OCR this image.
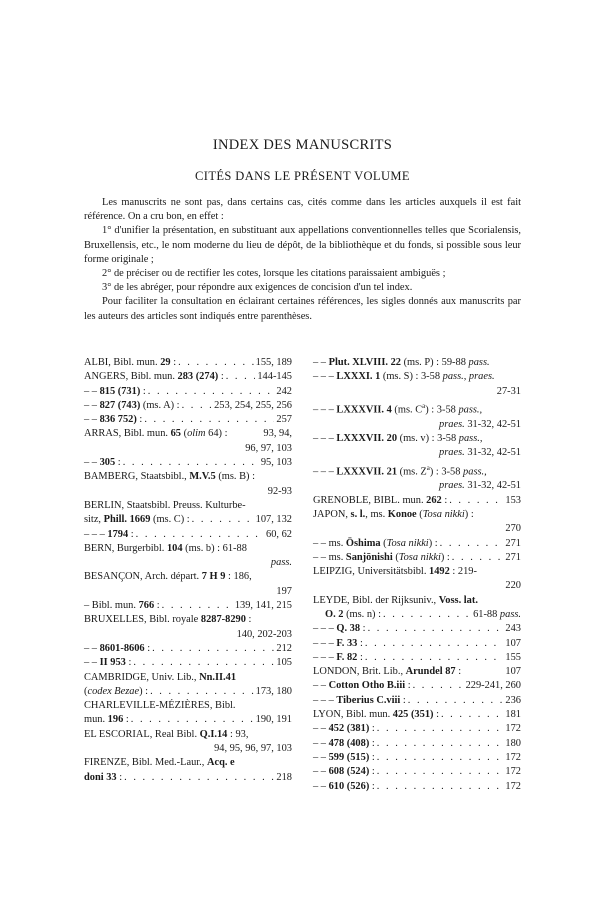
INDEX DES MANUSCRITS
CITÉS DANS LE PRÉSENT VOLUME

Les manuscrits ne sont pas, dans certains cas, cités comme dans les articles auxquels il est fait référence. On a cru bon, en effet :

1° d'unifier la présentation, en substituant aux appellations conventionnelles telles que Scorialensis, Bruxellensis, etc., le nom moderne du lieu de dépôt, de la bibliothèque et du fonds, si possible sous leur forme originale ;

2° de préciser ou de rectifier les cotes, lorsque les citations paraissaient ambiguës ;

3° de les abréger, pour répondre aux exigences de concision d'un tel index.

Pour faciliter la consultation en éclairant certaines références, les sigles donnés aux manuscrits par les auteurs des articles sont indiqués entre parenthèses.

ALBI, Bibl. mun. 29 : . . .	155, 189
ANGERS, Bibl. mun. 283 (274) : . . .	144-145
– – 815 (731) : . . .	242
– – 827 (743) (ms. A) : . . .	253, 254, 255, 256
– – 836 752) : . . .	257
ARRAS, Bibl. mun. 65 (olim 64) :	93, 94,
96, 97, 103
– – 305 : . . .	95, 103
BAMBERG, Staatsbibl., M.V.5 (ms. B) :
92-93
BERLIN, Staatsbibl. Preuss. Kulturbe-
sitz, Phill. 1669 (ms. C) : . . .	107, 132
– – – 1794 : . . .	60, 62
BERN, Burgerbibl. 104 (ms. b) : 61-88
pass.
BESANÇON, Arch. départ. 7 H 9 : 186,
197
– Bibl. mun. 766 : . . .	139, 141, 215
BRUXELLES, Bibl. royale 8287-8290 :
140, 202-203
– – 8601-8606 : . . .	212
– – II 953 : . . .	105
CAMBRIDGE, Univ. Lib., Nn.II.41
(codex Bezae) : . . .	173, 180
CHARLEVILLE-MÉZIÈRES, Bibl.
mun. 196 : . . .	190, 191
EL ESCORIAL, Real Bibl. Q.I.14 : 93,
94, 95, 96, 97, 103
FIRENZE, Bibl. Med.-Laur., Acq. e
doni 33 : . . .	218
– – Plut. XLVIII. 22 (ms. P) : 59-88 pass.
– – – LXXXI. 1 (ms. S) : 3-58 pass., praes.
27-31
– – – LXXXVII. 4 (ms. $C^a$) : 3-58 pass.,
praes. 31-32, 42-51
– – – LXXXVII. 20 (ms. v) : 3-58 pass.,
praes. 31-32, 42-51
– – – LXXXVII. 21 (ms. $Z^a$) : 3-58 pass.,
praes. 31-32, 42-51
GRENOBLE, BIBL. mun. 262 : . . .	153
JAPON, s. l., ms. Konoe (Tosa nikki) :
270
– – ms. Ōshima (Tosa nikki) : . . .	271
– – ms. Sanjōnishi (Tosa nikki) : . . .	271
LEIPZIG, Universitätsbibl. 1492 : 219-
220
LEYDE, Bibl. der Rijksuniv., Voss. lat.
O. 2 (ms. n) : . . .	61-88 pass.
– – – Q. 38 : . . .	243
– – – F. 33 : . . .	107
– – – F. 82 : . . .	155
LONDON, Brit. Lib., Arundel 87 :	107
– – Cotton Otho B.iii : . . .	229-241, 260
– – – Tiberius C.viii : . . .	236
LYON, Bibl. mun. 425 (351) : . . .	181
– – 452 (381) : . . .	172
– – 478 (408) : . . .	180
– – 599 (515) : . . .	172
– – 608 (524) : . . .	172
– – 610 (526) : . . .	172
